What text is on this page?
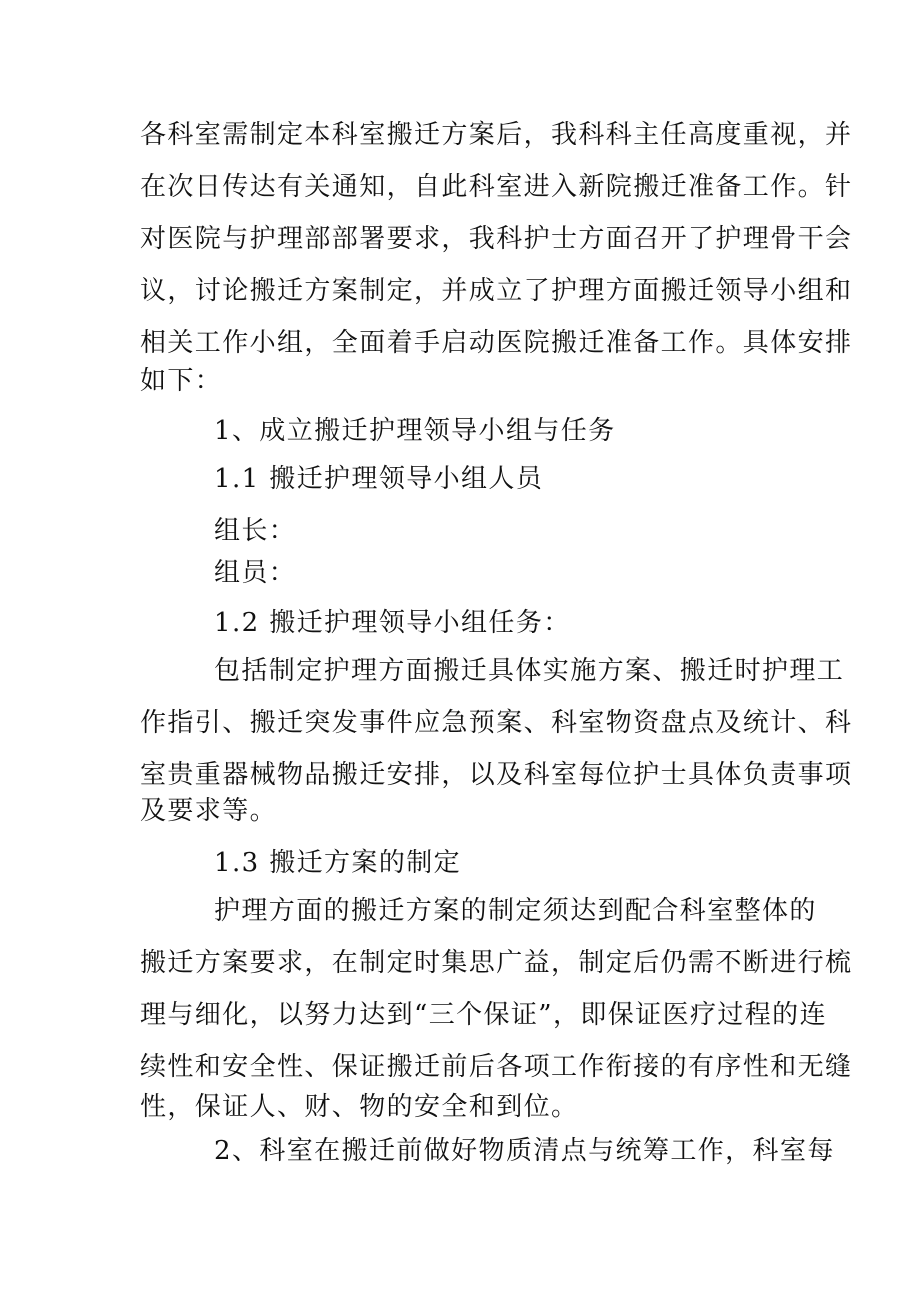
各科室需制定本科室搬迁方案后，我科科主任高度重视，并
在次日传达有关通知，自此科室进入新院搬迁准备工作。针
对医院与护理部部署要求，我科护士方面召开了护理骨干会
议，讨论搬迁方案制定，并成立了护理方面搬迁领导小组和
相关工作小组，全面着手启动医院搬迁准备工作。具体安排
如下：
1、成立搬迁护理领导小组与任务
1.1 搬迁护理领导小组人员
组长：
组员：
1.2 搬迁护理领导小组任务：
包括制定护理方面搬迁具体实施方案、搬迁时护理工
作指引、搬迁突发事件应急预案、科室物资盘点及统计、科
室贵重器械物品搬迁安排，以及科室每位护士具体负责事项
及要求等。
1.3 搬迁方案的制定
护理方面的搬迁方案的制定须达到配合科室整体的
搬迁方案要求，在制定时集思广益，制定后仍需不断进行梳
理与细化，以努力达到“三个保证”，即保证医疗过程的连
续性和安全性、保证搬迁前后各项工作衔接的有序性和无缝
性，保证人、财、物的安全和到位。
2、科室在搬迁前做好物质清点与统筹工作，科室每
